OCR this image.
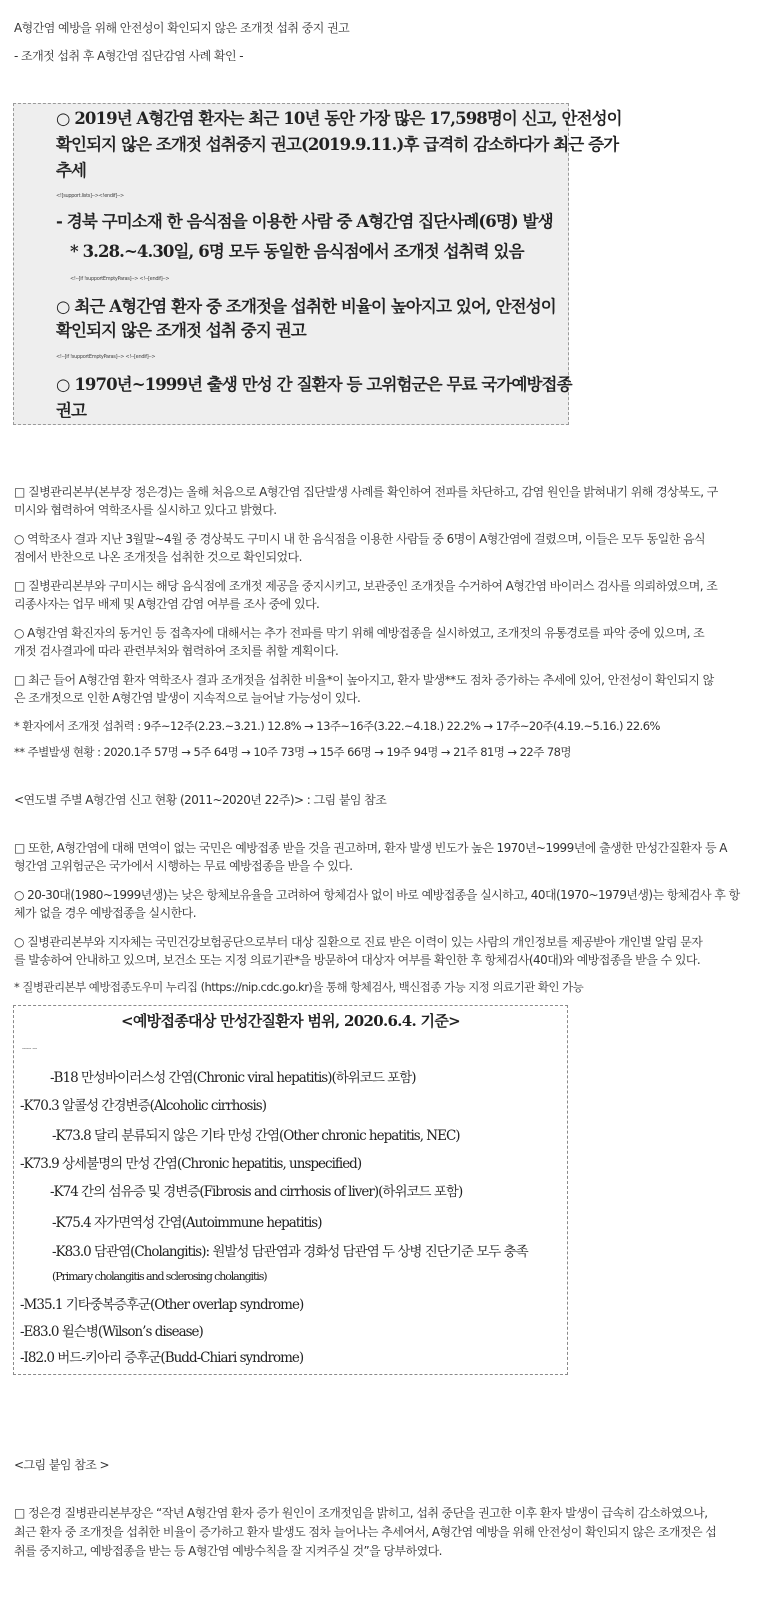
A형간염 예방을 위해 안전성이 확인되지 않은 조개젓 섭취 중지 권고
- 조개젓 섭취 후 A형간염 집단감염 사례 확인 -
○ 2019년 A형간염 환자는 최근 10년 동안 가장 많은 17,598명이 신고, 안전성이
확인되지 않은 조개젓 섭취중지 권고(2019.9.11.)후 급격히 감소하다가 최근 증가
추세
<![support.lists]--><!endif]-->
- 경북 구미소재 한 음식점을 이용한 사람 중 A형간염 집단사례(6명) 발생
* 3.28.~4.30일, 6명 모두 동일한 음식점에서 조개젓 섭취력 있음
<!--[if !supportEmptyParas]--> <!--[endif]-->
○ 최근 A형간염 환자 중 조개젓을 섭취한 비율이 높아지고 있어, 안전성이
확인되지 않은 조개젓 섭취 중지 권고
<!--[if !supportEmptyParas]--> <!--[endif]-->
○ 1970년~1999년 출생 만성 간 질환자 등 고위험군은 무료 국가예방접종
권고
□ 질병관리본부(본부장 정은경)는 올해 처음으로 A형간염 집단발생 사례를 확인하여 전파를 차단하고, 감염 원인을 밝혀내기 위해 경상북도, 구
미시와 협력하여 역학조사를 실시하고 있다고 밝혔다.
○ 역학조사 결과 지난 3월말~4월 중 경상북도 구미시 내 한 음식점을 이용한 사람들 중 6명이 A형간염에 걸렸으며, 이들은 모두 동일한 음식
점에서 반찬으로 나온 조개젓을 섭취한 것으로 확인되었다.
□ 질병관리본부와 구미시는 해당 음식점에 조개젓 제공을 중지시키고, 보관중인 조개젓을 수거하여 A형간염 바이러스 검사를 의뢰하였으며, 조
리종사자는 업무 배제 및 A형간염 감염 여부를 조사 중에 있다.
○ A형간염 확진자의 동거인 등 접촉자에 대해서는 추가 전파를 막기 위해 예방접종을 실시하였고, 조개젓의 유통경로를 파악 중에 있으며, 조
개젓 검사결과에 따라 관련부처와 협력하여 조치를 취할 계획이다.
□ 최근 들어 A형간염 환자 역학조사 결과 조개젓을 섭취한 비율*이 높아지고, 환자 발생**도 점차 증가하는 추세에 있어, 안전성이 확인되지 않
은 조개젓으로 인한 A형간염 발생이 지속적으로 늘어날 가능성이 있다.
* 환자에서 조개젓 섭취력 : 9주~12주(2.23.~3.21.) 12.8% → 13주~16주(3.22.~4.18.) 22.2% → 17주~20주(4.19.~5.16.) 22.6%
** 주별발생 현황 : 2020.1주 57명 → 5주 64명 → 10주 73명 → 15주 66명 → 19주 94명 → 21주 81명 → 22주 78명
<연도별 주별 A형간염 신고 현황 (2011~2020년 22주)> : 그림 붙임 참조
□ 또한, A형간염에 대해 면역이 없는 국민은 예방접종 받을 것을 권고하며, 환자 발생 빈도가 높은 1970년~1999년에 출생한 만성간질환자 등 A
형간염 고위험군은 국가에서 시행하는 무료 예방접종을 받을 수 있다.
○ 20-30대(1980~1999년생)는 낮은 항체보유율을 고려하여 항체검사 없이 바로 예방접종을 실시하고, 40대(1970~1979년생)는 항체검사 후 항
체가 없을 경우 예방접종을 실시한다.
○ 질병관리본부와 지자체는 국민건강보험공단으로부터 대상 질환으로 진료 받은 이력이 있는 사람의 개인정보를 제공받아 개인별 알림 문자
를 발송하여 안내하고 있으며, 보건소 또는 지정 의료기관*을 방문하여 대상자 여부를 확인한 후 항체검사(40대)와 예방접종을 받을 수 있다.
* 질병관리본부 예방접종도우미 누리집 (https://nip.cdc.go.kr)을 통해 항체검사, 백신접종 가능 지정 의료기관 확인 가능
<예방접종대상 만성간질환자 범위, 2020.6.4. 기준>
------ ---
-B18 만성바이러스성 간염(Chronic viral hepatitis)(하위코드 포함)
-K70.3 알콜성 간경변증(Alcoholic cirrhosis)
-K73.8 달리 분류되지 않은 기타 만성 간염(Other chronic hepatitis, NEC)
-K73.9 상세불명의 만성 간염(Chronic hepatitis, unspecified)
-K74 간의 섬유증 및 경변증(Fibrosis and cirrhosis of liver)(하위코드 포함)
-K75.4 자가면역성 간염(Autoimmune hepatitis)
-K83.0 담관염(Cholangitis): 원발성 담관염과 경화성 담관염 두 상병 진단기준 모두 충족
(Primary cholangitis and sclerosing cholangitis)
-M35.1 기타중복증후군(Other overlap syndrome)
-E83.0 윌슨병(Wilson’s disease)
-I82.0 버드-키아리 증후군(Budd-Chiari syndrome)
<그림 붙임 참조 >
□ 정은경 질병관리본부장은 “작년 A형간염 환자 증가 원인이 조개젓임을 밝히고, 섭취 중단을 권고한 이후 환자 발생이 급속히 감소하였으나,
최근 환자 중 조개젓을 섭취한 비율이 증가하고 환자 발생도 점차 늘어나는 추세여서, A형간염 예방을 위해 안전성이 확인되지 않은 조개젓은 섭
취를 중지하고, 예방접종을 받는 등 A형간염 예방수칙을 잘 지켜주실 것”을 당부하였다.
